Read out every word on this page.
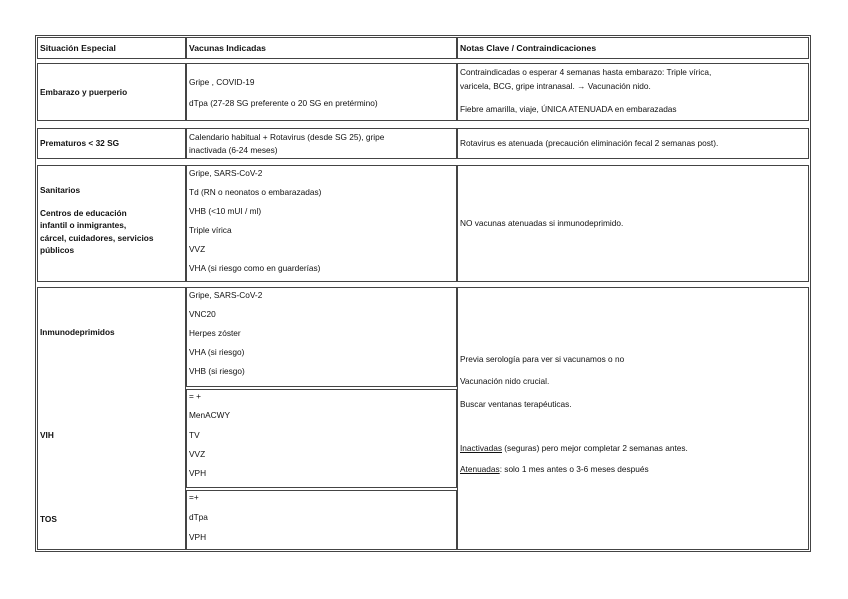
Situación Especial	Vacunas Indicadas	Notas Clave / Contraindicaciones
Embarazo y puerperio
Gripe , COVID-19
dTpa (27-28 SG preferente o 20 SG en pretérmino)
Contraindicadas o esperar 4 semanas hasta embarazo: Triple vírica,
varicela, BCG, gripe intranasal. → Vacunación nido.
Fiebre amarilla, viaje, ÚNICA ATENUADA en embarazadas
Prematuros < 32 SG
Calendario habitual + Rotavirus (desde SG 25), gripe
inactivada (6-24 meses)
Rotavirus es atenuada (precaución eliminación fecal 2 semanas post).
Sanitarios
Centros de educación
infantil o inmigrantes,
cárcel, cuidadores, servicios
públicos
Gripe, SARS-CoV-2
Td (RN o neonatos o embarazadas)
VHB (<10 mUI / ml)
Triple vírica
VVZ
VHA (si riesgo como en guarderías)
NO vacunas atenuadas si inmunodeprimido.
Inmunodeprimidos
VIH
TOS
Gripe, SARS-CoV-2
VNC20
Herpes zóster
VHA (si riesgo)
VHB (si riesgo)
= +
MenACWY
TV
VVZ
VPH
=+
dTpa
VPH
Previa serología para ver si vacunamos o no
Vacunación nido crucial.
Buscar ventanas terapéuticas.
Inactivadas (seguras) pero mejor completar 2 semanas antes.
Atenuadas: solo 1 mes antes o 3-6 meses después
